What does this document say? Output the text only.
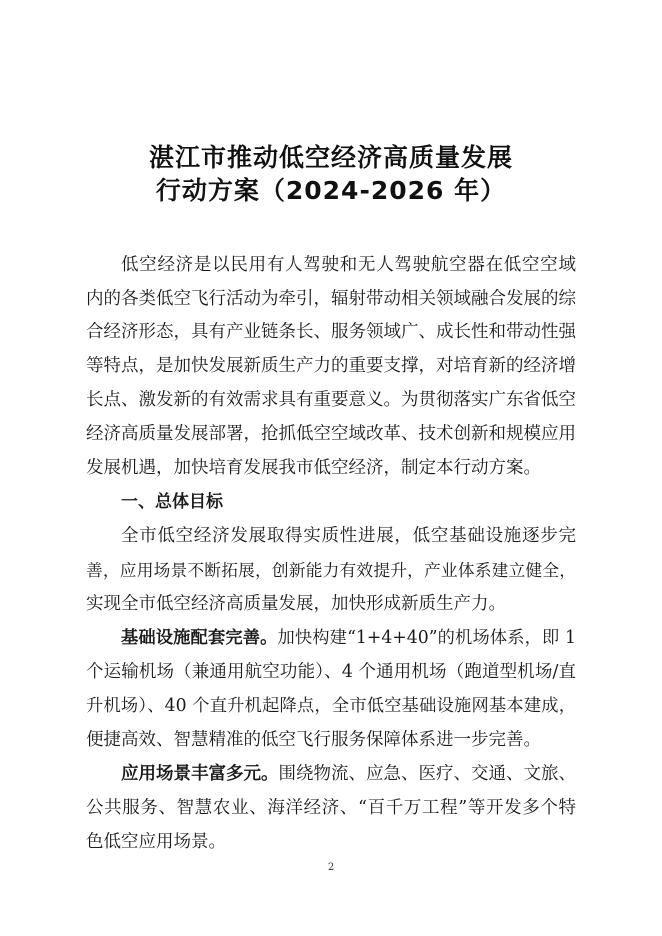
湛江市推动低空经济高质量发展
行动方案（2024-2026 年）
低空经济是以民用有人驾驶和无人驾驶航空器在低空空域
内的各类低空飞行活动为牵引，辐射带动相关领域融合发展的综
合经济形态，具有产业链条长、服务领域广、成长性和带动性强
等特点，是加快发展新质生产力的重要支撑，对培育新的经济增
长点、激发新的有效需求具有重要意义。为贯彻落实广东省低空
经济高质量发展部署，抢抓低空空域改革、技术创新和规模应用
发展机遇，加快培育发展我市低空经济，制定本行动方案。
一、总体目标
全市低空经济发展取得实质性进展，低空基础设施逐步完
善，应用场景不断拓展，创新能力有效提升，产业体系建立健全，
实现全市低空经济高质量发展，加快形成新质生产力。
基础设施配套完善。加快构建“1+4+40”的机场体系，即 1
个运输机场（兼通用航空功能）、4 个通用机场（跑道型机场/直
升机场）、40 个直升机起降点，全市低空基础设施网基本建成，
便捷高效、智慧精准的低空飞行服务保障体系进一步完善。
应用场景丰富多元。围绕物流、应急、医疗、交通、文旅、
公共服务、智慧农业、海洋经济、“百千万工程”等开发多个特
色低空应用场景。
2
